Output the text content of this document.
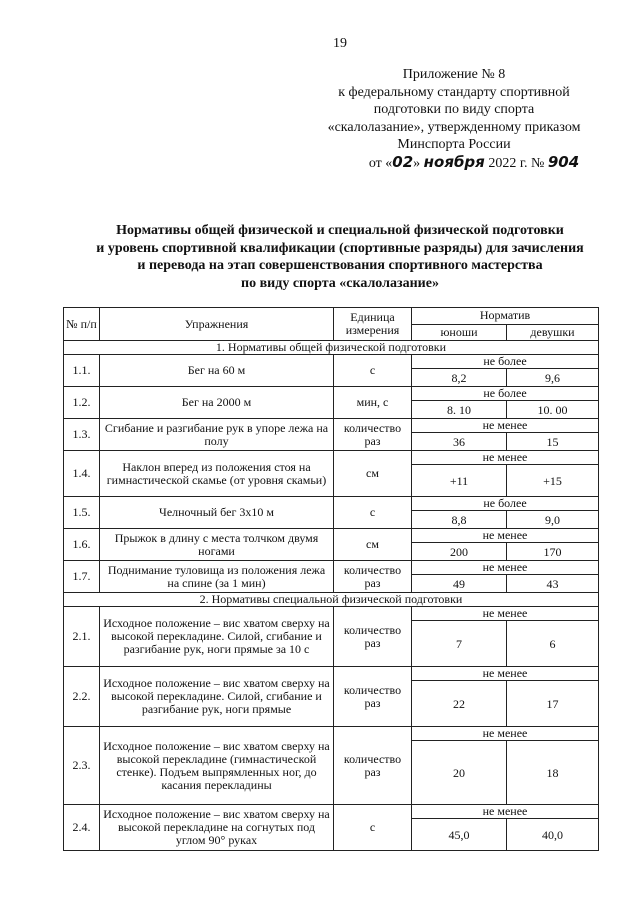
19
Приложение № 8
к федеральному стандарту спортивной
подготовки по виду спорта
«скалолазание», утвержденному приказом
Минспорта России
от «02» ноября 2022 г. № 904
Нормативы общей физической и специальной физической подготовки
и уровень спортивной квалификации (спортивные разряды) для зачисления
и перевода на этап совершенствования спортивного мастерства
по виду спорта «скалолазание»
№ п/п	Упражнения	Единица измерения	Норматив	
			юноши	девушки
1. Нормативы общей физической подготовки				
1.1.	Бег на 60 м	с	не более	
			8,2	9,6
1.2.	Бег на 2000 м	мин, с	не более	
			8. 10	10. 00
1.3.	Сгибание и разгибание рук в упоре лежа на полу	количество раз	не менее	
			36	15
1.4.	Наклон вперед из положения стоя на гимнастической скамье (от уровня скамьи)	см	не менее	
			+11	+15
1.5.	Челночный бег 3х10 м	с	не более	
			8,8	9,0
1.6.	Прыжок в длину с места толчком двумя ногами	см	не менее	
			200	170
1.7.	Поднимание туловища из положения лежа на спине (за 1 мин)	количество раз	не менее	
			49	43
2. Нормативы специальной физической подготовки				
2.1.	Исходное положение – вис хватом сверху на высокой перекладине. Силой, сгибание и разгибание рук, ноги прямые за 10 с	количество раз	не менее	
			7	6
2.2.	Исходное положение – вис хватом сверху на высокой перекладине. Силой, сгибание и разгибание рук, ноги прямые	количество раз	не менее	
			22	17
2.3.	Исходное положение – вис хватом сверху на высокой перекладине (гимнастической стенке). Подъем выпрямленных ног, до касания перекладины	количество раз	не менее	
			20	18
2.4.	Исходное положение – вис хватом сверху на высокой перекладине на согнутых под углом 90° руках	с	не менее	
			45,0	40,0
